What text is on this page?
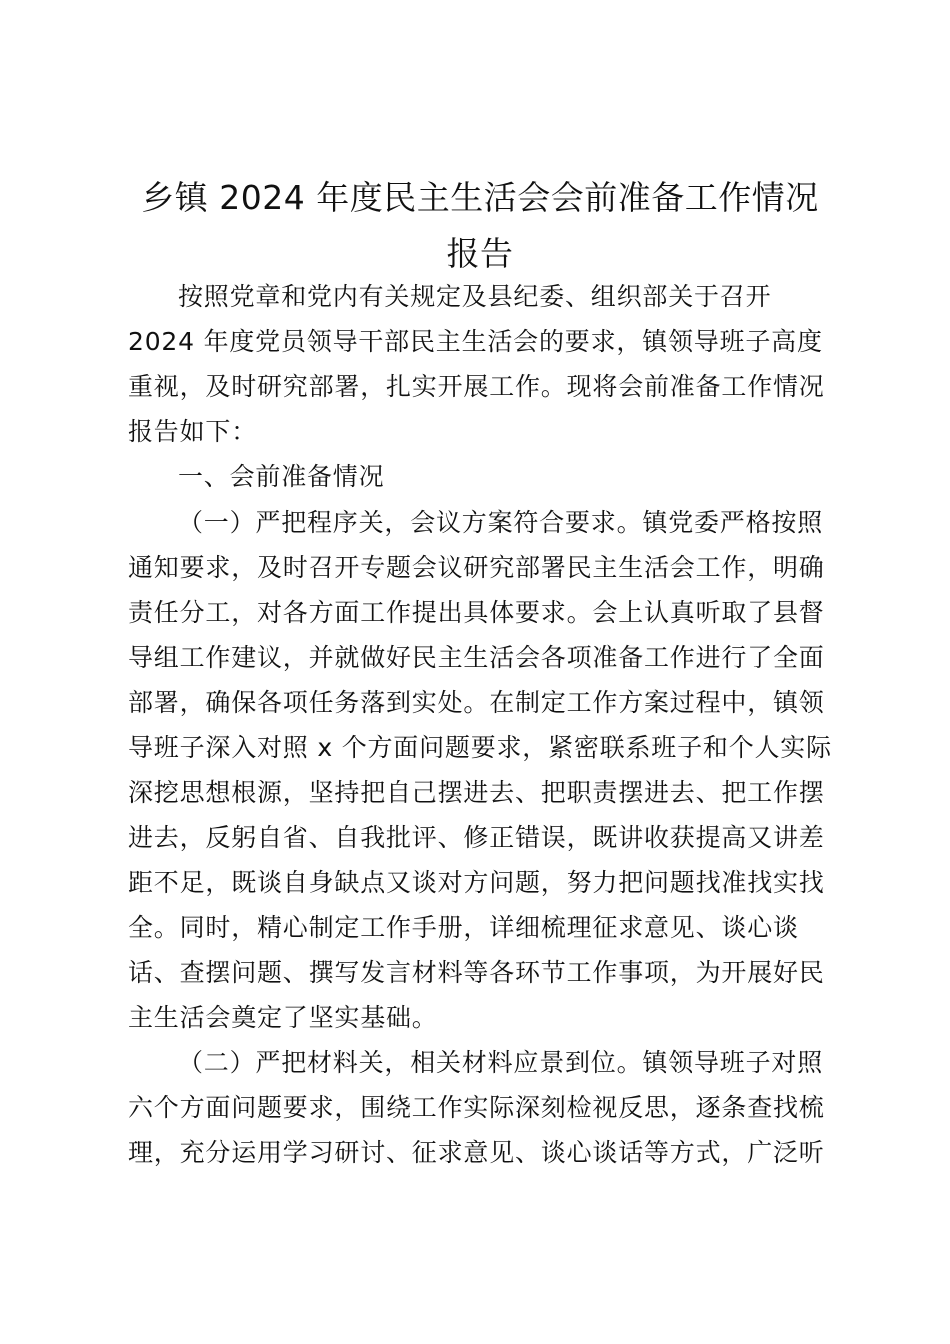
乡镇 2024 年度民主生活会会前准备工作情况
报告
按照党章和党内有关规定及县纪委、组织部关于召开
2024 年度党员领导干部民主生活会的要求，镇领导班子高度
重视，及时研究部署，扎实开展工作。现将会前准备工作情况
报告如下：
一、会前准备情况
（一）严把程序关，会议方案符合要求。镇党委严格按照
通知要求，及时召开专题会议研究部署民主生活会工作，明确
责任分工，对各方面工作提出具体要求。会上认真听取了县督
导组工作建议，并就做好民主生活会各项准备工作进行了全面
部署，确保各项任务落到实处。在制定工作方案过程中，镇领
导班子深入对照 x 个方面问题要求，紧密联系班子和个人实际
深挖思想根源，坚持把自己摆进去、把职责摆进去、把工作摆
进去，反躬自省、自我批评、修正错误，既讲收获提高又讲差
距不足，既谈自身缺点又谈对方问题，努力把问题找准找实找
全。同时，精心制定工作手册，详细梳理征求意见、谈心谈
话、查摆问题、撰写发言材料等各环节工作事项，为开展好民
主生活会奠定了坚实基础。
（二）严把材料关，相关材料应景到位。镇领导班子对照
六个方面问题要求，围绕工作实际深刻检视反思，逐条查找梳
理，充分运用学习研讨、征求意见、谈心谈话等方式，广泛听
